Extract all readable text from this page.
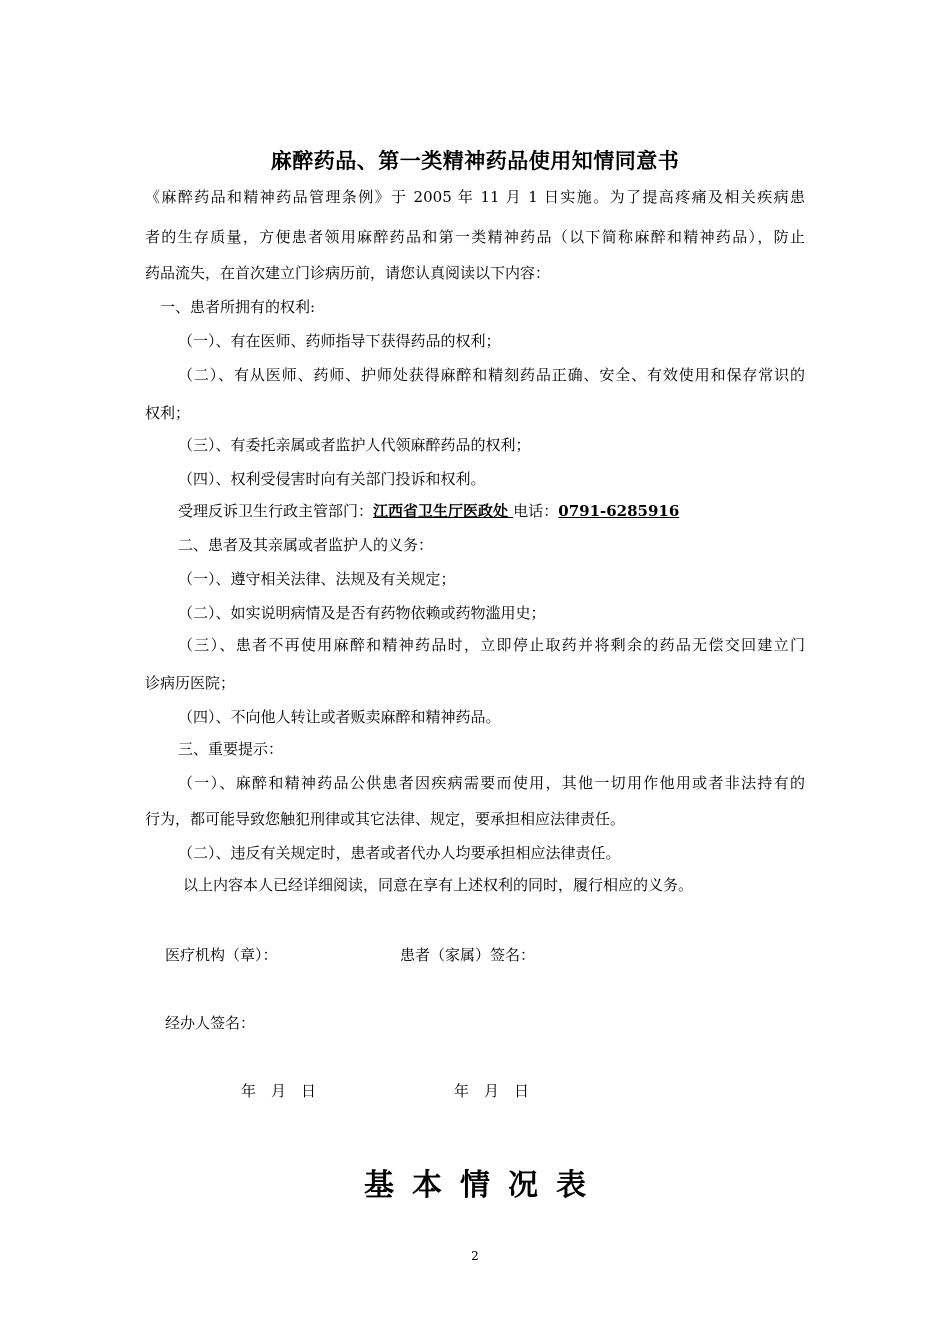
麻醉药品、第一类精神药品使用知情同意书
《麻醉药品和精神药品管理条例》于 2005 年 11 月 1 日实施。为了提高疼痛及相关疾病患
者的生存质量，方便患者领用麻醉药品和第一类精神药品（以下简称麻醉和精神药品），防止
药品流失，在首次建立门诊病历前，请您认真阅读以下内容：
一、患者所拥有的权利:
（一）、有在医师、药师指导下获得药品的权利；
（二）、有从医师、药师、护师处获得麻醉和精刻药品正确、安全、有效使用和保存常识的
权利；
（三）、有委托亲属或者监护人代领麻醉药品的权利；
（四）、权利受侵害时向有关部门投诉和权利。
受理反诉卫生行政主管部门：江西省卫生厅医政处 电话：0791-6285916
二、患者及其亲属或者监护人的义务：
（一）、遵守相关法律、法规及有关规定；
（二）、如实说明病情及是否有药物依赖或药物滥用史；
（三）、患者不再使用麻醉和精神药品时，立即停止取药并将剩余的药品无偿交回建立门
诊病历医院；
（四）、不向他人转让或者贩卖麻醉和精神药品。
三、重要提示：
（一）、麻醉和精神药品公供患者因疾病需要而使用，其他一切用作他用或者非法持有的
行为，都可能导致您触犯刑律或其它法律、规定，要承担相应法律责任。
（二）、违反有关规定时，患者或者代办人均要承担相应法律责任。
以上内容本人已经详细阅读，同意在享有上述权利的同时，履行相应的义务。
医疗机构（章）：	患者（家属）签名：
经办人签名：
年　月　日	年　月　日
基本情况表
2
